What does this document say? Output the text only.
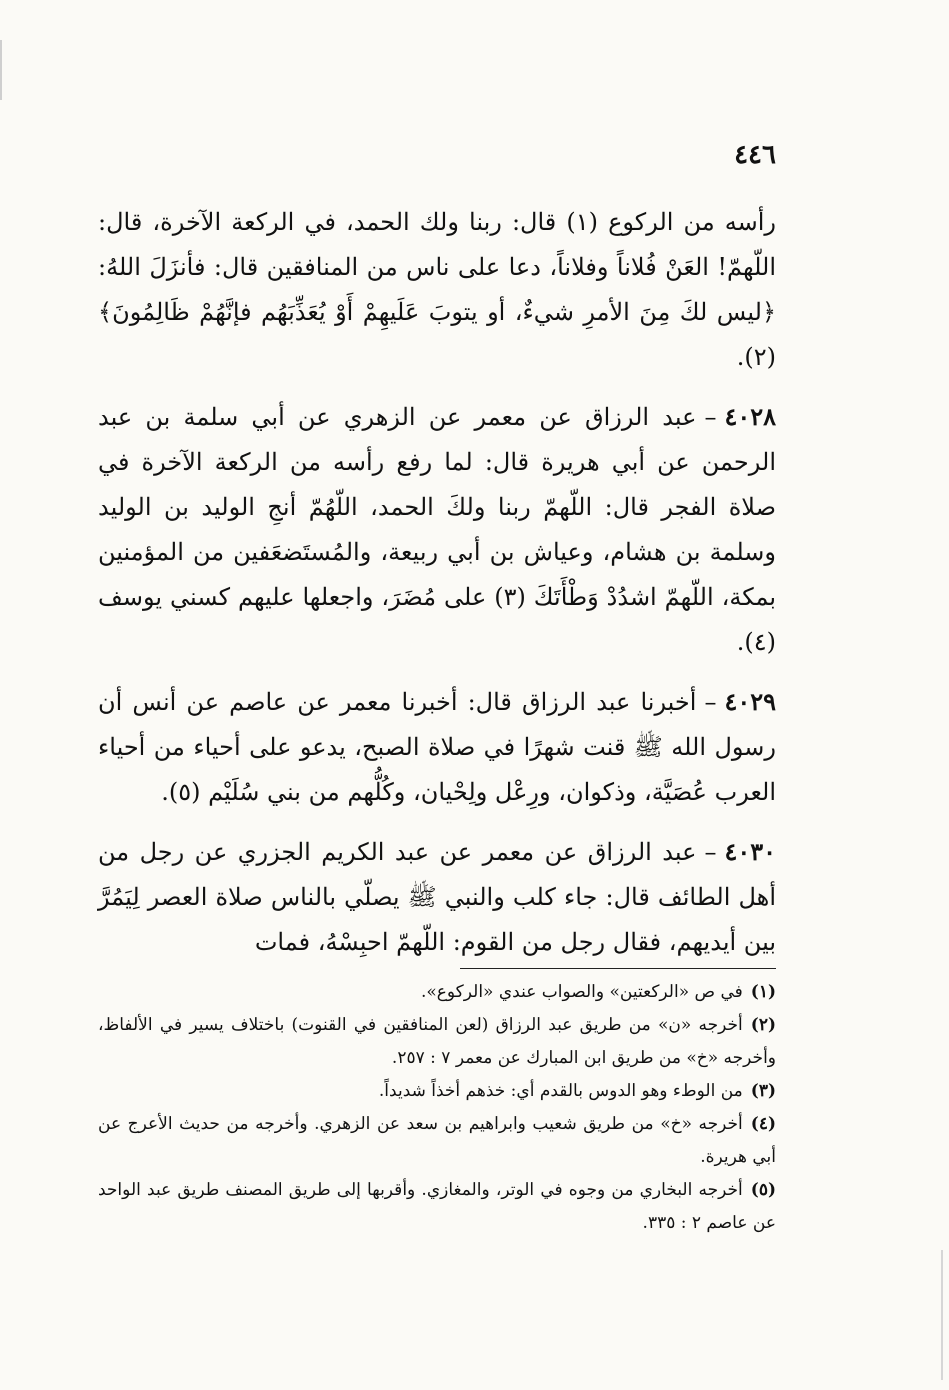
٤٤٦

رأسه من الركوع (١) قال: ربنا ولك الحمد، في الركعة الآخرة، قال: اللّهمّ! العَنْ فُلاناً وفلاناً، دعا على ناس من المنافقين قال: فأنزَلَ اللهُ: ﴿ليس لكَ مِنَ الأمرِ شيءٌ، أو يتوبَ عَلَيهِمْ أَوْ يُعَذِّبَهُم فإنَّهُمْ ظَالِمُونَ﴾ (٢).

٤٠٢٨–عبد الرزاق عن معمر عن الزهري عن أبي سلمة بن عبد الرحمن عن أبي هريرة قال: لما رفع رأسه من الركعة الآخرة في صلاة الفجر قال: اللّهمّ ربنا ولكَ الحمد، اللّهُمّ أنجِ الوليد بن الوليد وسلمة بن هشام، وعياش بن أبي ربيعة، والمُستَضعَفين من المؤمنين بمكة، اللّهمّ اشدُدْ وَطْأَتَكَ (٣) على مُضَرَ، واجعلها عليهم كسني يوسف (٤).

٤٠٢٩–أخبرنا عبد الرزاق قال: أخبرنا معمر عن عاصم عن أنس أن رسول الله ﷺ قنت شهرًا في صلاة الصبح، يدعو على أحياء من أحياء العرب عُصَيَّة، وذكوان، ورِعْل ولِحْيان، وكُلُّهم من بني سُلَيْم (٥).

٤٠٣٠–عبد الرزاق عن معمر عن عبد الكريم الجزري عن رجل من أهل الطائف قال: جاء كلب والنبي ﷺ يصلّي بالناس صلاة العصر لِيَمُرَّ بين أيديهم، فقال رجل من القوم: اللّهمّ احبِسْهُ، فمات

(١)في ص «الركعتين» والصواب عندي «الركوع».

(٢)أخرجه «ن» من طريق عبد الرزاق (لعن المنافقين في القنوت) باختلاف يسير في الألفاظ، وأخرجه «خ» من طريق ابن المبارك عن معمر ٧ : ٢٥٧.

(٣)من الوطء وهو الدوس بالقدم أي: خذهم أخذاً شديداً.

(٤)أخرجه «خ» من طريق شعيب وابراهيم بن سعد عن الزهري. وأخرجه من حديث الأعرج عن أبي هريرة.

(٥)أخرجه البخاري من وجوه في الوتر، والمغازي. وأقربها إلى طريق المصنف طريق عبد الواحد عن عاصم ٢ : ٣٣٥.
